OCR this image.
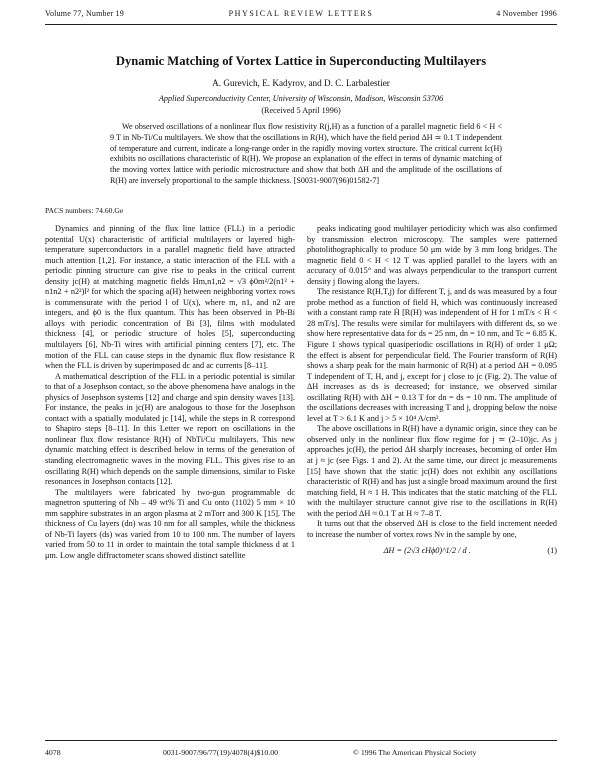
Volume 77, Number 19	PHYSICAL REVIEW LETTERS	4 November 1996
Dynamic Matching of Vortex Lattice in Superconducting Multilayers
A. Gurevich, E. Kadyrov, and D. C. Larbalestier
Applied Superconductivity Center, University of Wisconsin, Madison, Wisconsin 53706
(Received 5 April 1996)
We observed oscillations of a nonlinear flux flow resistivity R(j,H) as a function of a parallel magnetic field 6 < H < 9 T in Nb-Ti/Cu multilayers. We show that the oscillations in R(H), which have the field period ΔH ≃ 0.1 T independent of temperature and current, indicate a long-range order in the rapidly moving vortex structure. The critical current Ic(H) exhibits no oscillations characteristic of R(H). We propose an explanation of the effect in terms of dynamic matching of the moving vortex lattice with periodic microstructure and show that both ΔH and the amplitude of the oscillations of R(H) are inversely proportional to the sample thickness. [S0031-9007(96)01582-7]
PACS numbers: 74.60.Ge

Dynamics and pinning of the flux line lattice (FLL) in a periodic potential U(x) characteristic of artificial multilayers or layered high-temperature superconductors in a parallel magnetic field have attracted much attention [1,2]. For instance, a static interaction of the FLL with a periodic pinning structure can give rise to peaks in the critical current density jc(H) at matching magnetic fields Hm,n1,n2 = √3 ϕ0m²/2(n1² + n1n2 + n2²)l² for which the spacing a(H) between neighboring vortex rows is commensurate with the period l of U(x), where m, n1, and n2 are integers, and ϕ0 is the flux quantum. This has been observed in Pb-Bi alloys with periodic concentration of Bi [3], films with modulated thickness [4], or periodic structure of holes [5], superconducting multilayers [6], Nb-Ti wires with artificial pinning centers [7], etc. The motion of the FLL can cause steps in the dynamic flux flow resistance R when the FLL is driven by superimposed dc and ac currents [8–11].

A mathematical description of the FLL in a periodic potential is similar to that of a Josephson contact, so the above phenomena have analogs in the physics of Josephson systems [12] and charge and spin density waves [13]. For instance, the peaks in jc(H) are analogous to those for the Josephson contact with a spatially modulated jc [14], while the steps in R correspond to Shapiro steps [8–11]. In this Letter we report on oscillations in the nonlinear flux flow resistance R(H) of NbTi/Cu multilayers. This new dynamic matching effect is described below in terms of the generation of standing electromagnetic waves in the moving FLL. This gives rise to an oscillating R(H) which depends on the sample dimensions, similar to Fiske resonances in Josephson contacts [12].

The multilayers were fabricated by two-gun programmable dc magnetron sputtering of Nb – 49 wt% Ti and Cu onto (1102) 5 mm × 10 mm sapphire substrates in an argon plasma at 2 mTorr and 300 K [15]. The thickness of Cu layers (dn) was 10 nm for all samples, while the thickness of Nb-Ti layers (ds) was varied from 10 to 100 nm. The number of layers varied from 50 to 11 in order to maintain the total sample thickness d at 1 μm. Low angle diffractometer scans showed distinct satellite

peaks indicating good multilayer periodicity which was also confirmed by transmission electron microscopy. The samples were patterned photolithographically to produce 50 μm wide by 3 mm long bridges. The magnetic field 0 < H < 12 T was applied parallel to the layers with an accuracy of 0.015° and was always perpendicular to the transport current density j flowing along the layers.

The resistance R(H,T,j) for different T, j, and ds was measured by a four probe method as a function of field H, which was continuously increased with a constant ramp rate Ḣ [R(H) was independent of H for 1 mT/s < Ḣ < 28 mT/s]. The results were similar for multilayers with different ds, so we show here representative data for ds = 25 nm, dn = 10 nm, and Tc = 6.85 K. Figure 1 shows typical quasiperiodic oscillations in R(H) of order 1 μΩ; the effect is absent for perpendicular field. The Fourier transform of R(H) shows a sharp peak for the main harmonic of R(H) at a period ΔH = 0.095 T independent of T, H, and j, except for j close to jc (Fig. 2). The value of ΔH increases as ds is decreased; for instance, we observed similar oscillating R(H) with ΔH = 0.13 T for dn = ds = 10 nm. The amplitude of the oscillations decreases with increasing T and j, dropping below the noise level at T > 6.1 K and j > 5 × 10⁴ A/cm².

The above oscillations in R(H) have a dynamic origin, since they can be observed only in the nonlinear flux flow regime for j ≃ (2–10)jc. As j approaches jc(H), the period ΔH sharply increases, becoming of order Hm at j ≈ jc (see Figs. 1 and 2). At the same time, our direct jc measurements [15] have shown that the static jc(H) does not exhibit any oscillations characteristic of R(H) and has just a single broad maximum around the first matching field, H ≈ 1 H. This indicates that the static matching of the FLL with the multilayer structure cannot give rise to the oscillations in R(H) with the period ΔH ≈ 0.1 T at H ≈ 7–8 T.

It turns out that the observed ΔH is close to the field increment needed to increase the number of vortex rows Nv in the sample by one,

ΔH = (2√3 ϵHϕ0)^1/2 / d .	(1)
4078	0031-9007/96/77(19)/4078(4)$10.00	© 1996 The American Physical Society
